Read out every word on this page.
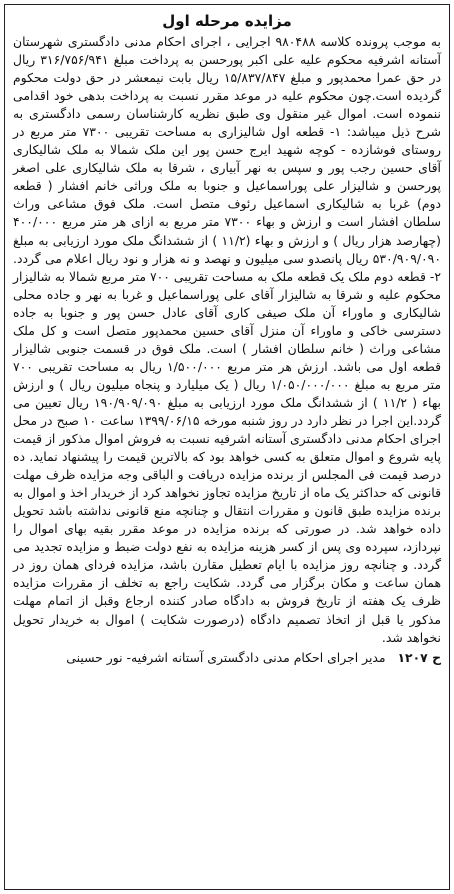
مزایده مرحله اول

به موجب پرونده کلاسه ۹۸۰۴۸۸ اجرایی ، اجرای احکام مدنی دادگستری شهرستان آستانه اشرفیه محکوم علیه علی اکبر پورحسن به پرداخت مبلغ ۳۱۶/۷۵۶/۹۴۱ ریال در حق عمرا محمدپور و مبلغ ۱۵/۸۳۷/۸۴۷ ریال بابت نیمعشر در حق دولت محکوم گردیده است.چون محکوم علیه در موعد مقرر نسبت به پرداخت بدهی خود اقدامی ننموده است. اموال غیر منقول وی طبق نظریه کارشناسان رسمی دادگستری به شرح ذیل میباشد: ۱- قطعه اول شالیزاری به مساحت تقریبی ۷۳۰۰ متر مربع در روستای فوشازده - کوچه شهید ایرج حسن پور این ملک شمالا به ملک شالیکاری آقای حسین رجب پور و سپس به نهر آبیاری ، شرقا به ملک شالیکاری علی اصغر پورحسن و شالیزار علی پوراسماعیل و جنوبا به ملک وراثی خانم افشار ( قطعه دوم) غربا به شالیکاری اسماعیل رئوف متصل است. ملک فوق مشاعی وراث سلطان افشار است و ارزش و بهاء ۷۳۰۰ متر مربع به ازای هر متر مربع ۴۰۰/۰۰۰ (چهارصد هزار ریال ) و ارزش و بهاء (۱۱/۲ ) از ششدانگ ملک مورد ارزیابی به مبلغ ۵۳۰/۹۰۹/۰۹۰ ریال پانصدو سی میلیون و نهصد و نه هزار و نود ریال اعلام می گردد. ۲- قطعه دوم ملک یک قطعه ملک به مساحت تقریبی ۷۰۰ متر مربع شمالا به شالیزار محکوم علیه و شرقا به شالیزار آقای علی پوراسماعیل و غربا به نهر و جاده محلی شالیکاری و ماوراء آن ملک صیفی کاری آقای عادل حسن پور و جنوبا به جاده دسترسی خاکی و ماوراء آن منزل آقای حسین محمدپور متصل است و کل ملک مشاعی وراث ( خانم سلطان افشار ) است. ملک فوق در قسمت جنوبی شالیزار قطعه اول می باشد. ارزش هر متر مربع ۱/۵۰۰/۰۰۰ ریال به مساحت تقریبی ۷۰۰ متر مربع به مبلغ ۱/۰۵۰/۰۰۰/۰۰۰ ریال ( یک میلیارد و پنجاه میلیون ریال ) و ارزش بهاء ( ۱۱/۲ ) از ششدانگ ملک مورد ارزیابی به مبلغ ۱۹۰/۹۰۹/۰۹۰ ریال تعیین می گردد.این اجرا در نظر دارد در روز شنبه مورخه ۱۳۹۹/۰۶/۱۵ ساعت ۱۰ صبح در محل اجرای احکام مدنی دادگستری آستانه اشرفیه نسبت به فروش اموال مذکور از قیمت پایه شروع و اموال متعلق به کسی خواهد بود که بالاترین قیمت را پیشنهاد نماید. ده درصد قیمت فی المجلس از برنده مزایده دریافت و الباقی وجه مزایده ظرف مهلت قانونی که حداکثر یک ماه از تاریخ مزایده تجاوز نخواهد کرد از خریدار اخذ و اموال به برنده مزایده طبق قانون و مقررات انتقال و چنانچه منع قانونی نداشته باشد تحویل داده خواهد شد. در صورتی که برنده مزایده در موعد مقرر بقیه بهای اموال را نپردازد، سپرده وی پس از کسر هزینه مزایده به نفع دولت ضبط و مزایده تجدید می گردد. و چنانچه روز مزایده با ایام تعطیل مقارن باشد، مزایده فردای همان روز در همان ساعت و مکان برگزار می گردد. شکایت راجع به تخلف از مقررات مزایده ظرف یک هفته از تاریخ فروش به دادگاه صادر کننده ارجاع وقبل از اتمام مهلت مذکور یا قبل از اتخاذ تصمیم دادگاه (درصورت شکایت ) اموال به خریدار تحویل نخواهد شد.

ح ۱۲۰۷ مدیر اجرای احکام مدنی دادگستری آستانه اشرفیه- نور حسینی
